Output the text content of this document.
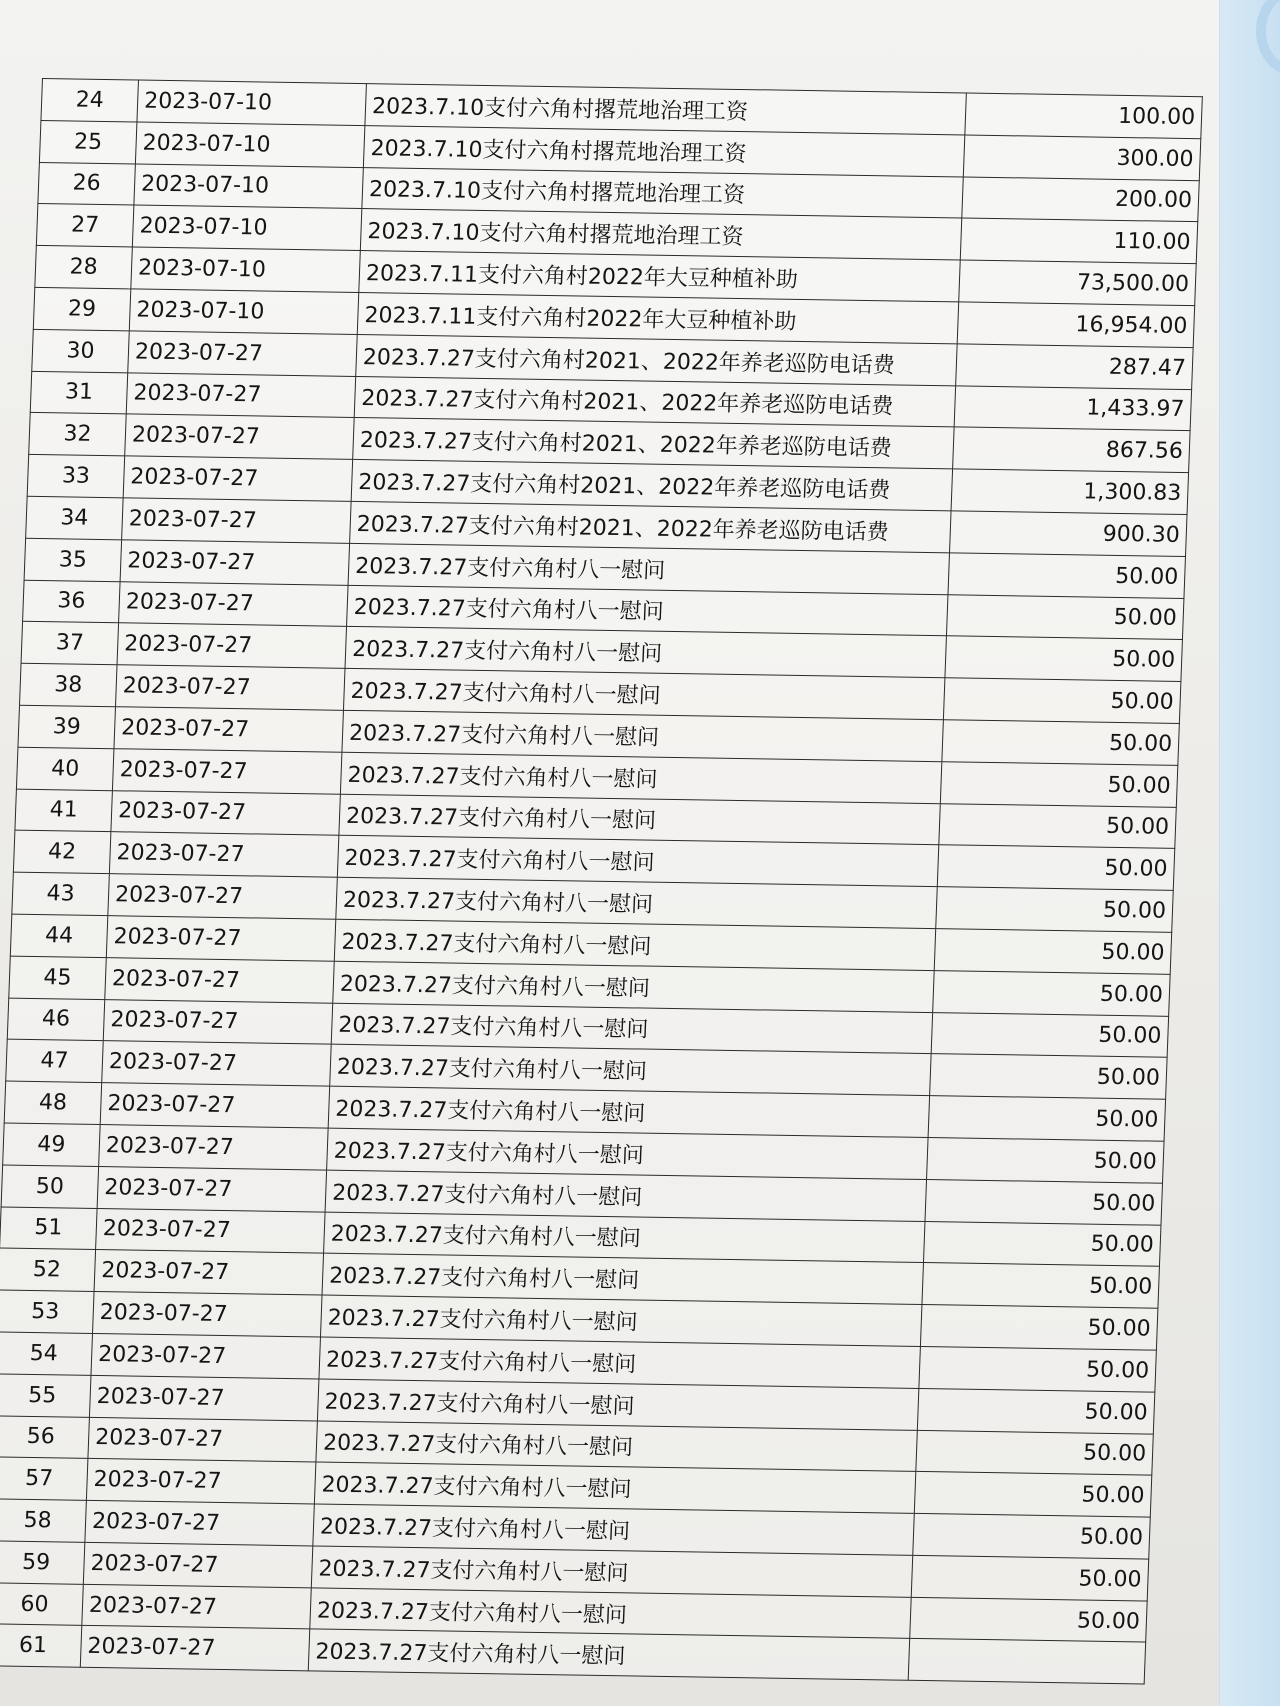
24	2023-07-10	2023.7.10支付六角村撂荒地治理工资	100.00
25	2023-07-10	2023.7.10支付六角村撂荒地治理工资	300.00
26	2023-07-10	2023.7.10支付六角村撂荒地治理工资	200.00
27	2023-07-10	2023.7.10支付六角村撂荒地治理工资	110.00
28	2023-07-10	2023.7.11支付六角村2022年大豆种植补助	73,500.00
29	2023-07-10	2023.7.11支付六角村2022年大豆种植补助	16,954.00
30	2023-07-27	2023.7.27支付六角村2021、2022年养老巡防电话费	287.47
31	2023-07-27	2023.7.27支付六角村2021、2022年养老巡防电话费	1,433.97
32	2023-07-27	2023.7.27支付六角村2021、2022年养老巡防电话费	867.56
33	2023-07-27	2023.7.27支付六角村2021、2022年养老巡防电话费	1,300.83
34	2023-07-27	2023.7.27支付六角村2021、2022年养老巡防电话费	900.30
35	2023-07-27	2023.7.27支付六角村八一慰问	50.00
36	2023-07-27	2023.7.27支付六角村八一慰问	50.00
37	2023-07-27	2023.7.27支付六角村八一慰问	50.00
38	2023-07-27	2023.7.27支付六角村八一慰问	50.00
39	2023-07-27	2023.7.27支付六角村八一慰问	50.00
40	2023-07-27	2023.7.27支付六角村八一慰问	50.00
41	2023-07-27	2023.7.27支付六角村八一慰问	50.00
42	2023-07-27	2023.7.27支付六角村八一慰问	50.00
43	2023-07-27	2023.7.27支付六角村八一慰问	50.00
44	2023-07-27	2023.7.27支付六角村八一慰问	50.00
45	2023-07-27	2023.7.27支付六角村八一慰问	50.00
46	2023-07-27	2023.7.27支付六角村八一慰问	50.00
47	2023-07-27	2023.7.27支付六角村八一慰问	50.00
48	2023-07-27	2023.7.27支付六角村八一慰问	50.00
49	2023-07-27	2023.7.27支付六角村八一慰问	50.00
50	2023-07-27	2023.7.27支付六角村八一慰问	50.00
51	2023-07-27	2023.7.27支付六角村八一慰问	50.00
52	2023-07-27	2023.7.27支付六角村八一慰问	50.00
53	2023-07-27	2023.7.27支付六角村八一慰问	50.00
54	2023-07-27	2023.7.27支付六角村八一慰问	50.00
55	2023-07-27	2023.7.27支付六角村八一慰问	50.00
56	2023-07-27	2023.7.27支付六角村八一慰问	50.00
57	2023-07-27	2023.7.27支付六角村八一慰问	50.00
58	2023-07-27	2023.7.27支付六角村八一慰问	50.00
59	2023-07-27	2023.7.27支付六角村八一慰问	50.00
60	2023-07-27	2023.7.27支付六角村八一慰问	50.00
61	2023-07-27	2023.7.27支付六角村八一慰问	
